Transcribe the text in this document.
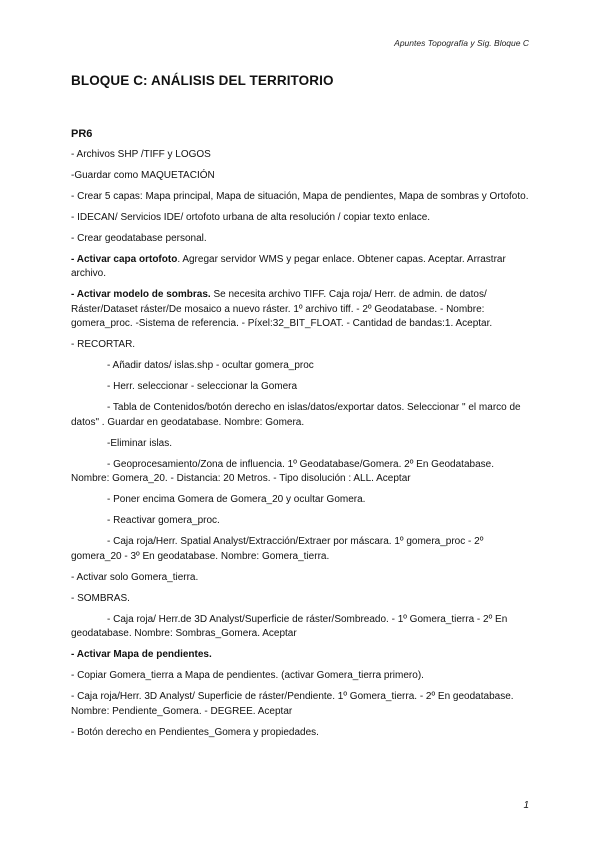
Apuntes Topografía y Sig. Bloque C
BLOQUE C: ANÁLISIS DEL TERRITORIO
PR6
- Archivos SHP /TIFF y LOGOS
-Guardar como MAQUETACIÓN
- Crear 5 capas: Mapa principal, Mapa de situación, Mapa de pendientes, Mapa de sombras y Ortofoto.
- IDECAN/ Servicios IDE/ ortofoto urbana de alta resolución / copiar texto enlace.
- Crear geodatabase personal.
- Activar capa ortofoto. Agregar servidor WMS y pegar enlace. Obtener capas. Aceptar. Arrastrar archivo.
- Activar modelo de sombras. Se necesita archivo TIFF. Caja roja/ Herr. de admin. de datos/ Ráster/Dataset ráster/De mosaico a nuevo ráster. 1º archivo tiff. - 2º Geodatabase. - Nombre: gomera_proc. -Sistema de referencia. - Píxel:32_BIT_FLOAT. - Cantidad de bandas:1. Aceptar.
- RECORTAR.
- Añadir datos/ islas.shp - ocultar gomera_proc
- Herr. seleccionar - seleccionar la Gomera
- Tabla de Contenidos/botón derecho en islas/datos/exportar datos. Seleccionar " el marco de datos" . Guardar en geodatabase. Nombre: Gomera.
-Eliminar islas.
- Geoprocesamiento/Zona de influencia. 1º Geodatabase/Gomera. 2º En Geodatabase. Nombre: Gomera_20. - Distancia: 20 Metros. - Tipo disolución : ALL. Aceptar
- Poner encima Gomera de Gomera_20 y ocultar Gomera.
- Reactivar gomera_proc.
- Caja roja/Herr. Spatial Analyst/Extracción/Extraer por máscara. 1º gomera_proc - 2º gomera_20 - 3º En geodatabase. Nombre: Gomera_tierra.
- Activar solo Gomera_tierra.
- SOMBRAS.
- Caja roja/ Herr.de 3D Analyst/Superficie de ráster/Sombreado. - 1º Gomera_tierra - 2º En geodatabase. Nombre: Sombras_Gomera. Aceptar
- Activar Mapa de pendientes.
- Copiar Gomera_tierra a Mapa de pendientes. (activar Gomera_tierra primero).
- Caja roja/Herr. 3D Analyst/ Superficie de ráster/Pendiente. 1º Gomera_tierra. - 2º En geodatabase. Nombre: Pendiente_Gomera. - DEGREE. Aceptar
- Botón derecho en Pendientes_Gomera y propiedades.
1
